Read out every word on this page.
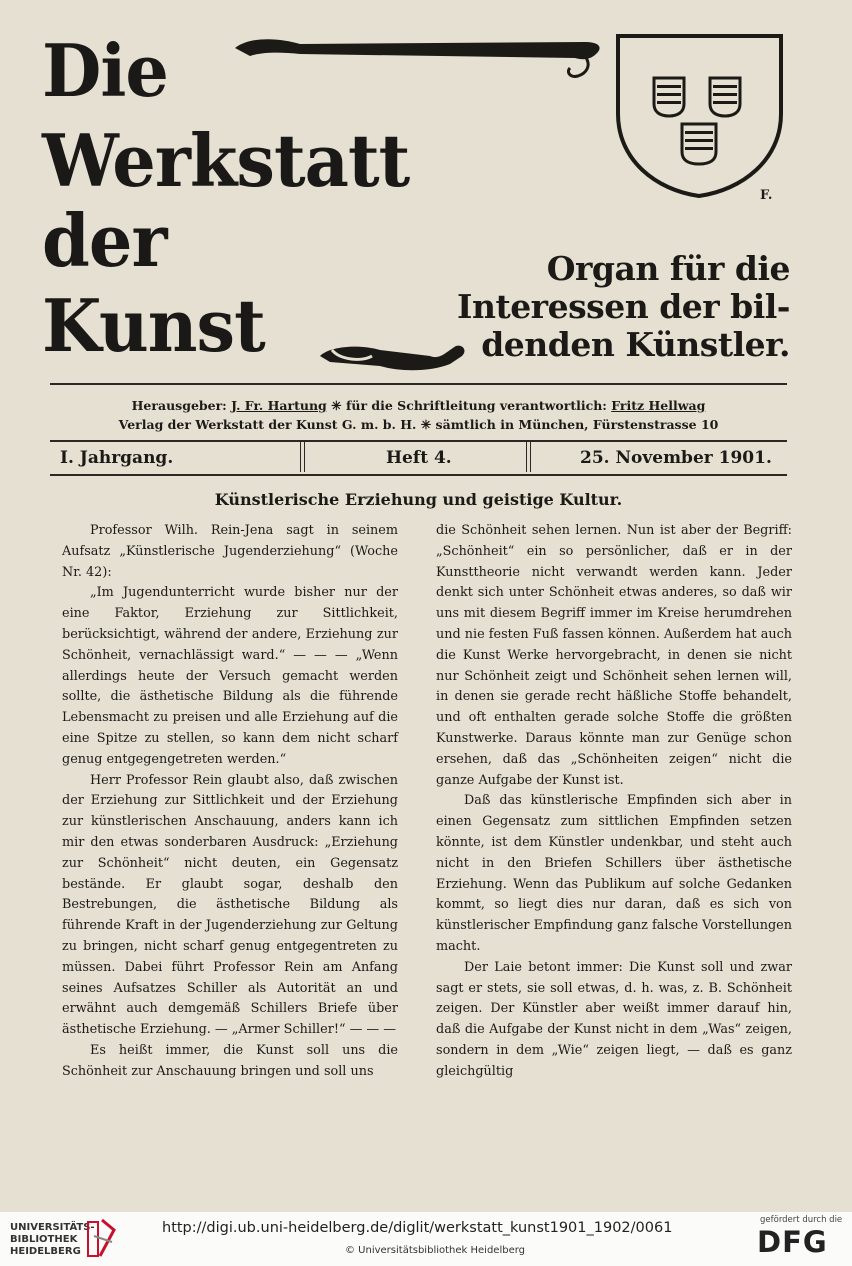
Die
Werkstatt
der
Kunst
F.
Organ für die
Interessen der bil-
denden Künstler.
Herausgeber: J. Fr. Hartung ✳ für die Schriftleitung verantwortlich: Fritz Hellwag
Verlag der Werkstatt der Kunst G. m. b. H. ✳ sämtlich in München, Fürstenstrasse 10
I. Jahrgang.	Heft 4.	25. November 1901.
Künstlerische Erziehung und geistige Kultur.

Professor Wilh. Rein-Jena sagt in seinem Aufsatz „Künstlerische Jugenderziehung“ (Woche Nr. 42):

„Im Jugendunterricht wurde bisher nur der eine Faktor, Erziehung zur Sittlichkeit, berücksichtigt, während der andere, Erziehung zur Schönheit, vernachlässigt ward.“ — — — „Wenn allerdings heute der Versuch gemacht werden sollte, die ästhetische Bildung als die führende Lebensmacht zu preisen und alle Erziehung auf die eine Spitze zu stellen, so kann dem nicht scharf genug entgegengetreten werden.“

Herr Professor Rein glaubt also, daß zwischen der Erziehung zur Sittlichkeit und der Erziehung zur künstlerischen Anschauung, anders kann ich mir den etwas sonderbaren Ausdruck: „Erziehung zur Schönheit“ nicht deuten, ein Gegensatz bestände. Er glaubt sogar, deshalb den Bestrebungen, die ästhetische Bildung als führende Kraft in der Jugenderziehung zur Geltung zu bringen, nicht scharf genug entgegentreten zu müssen. Dabei führt Professor Rein am Anfang seines Aufsatzes Schiller als Autorität an und erwähnt auch demgemäß Schillers Briefe über ästhetische Erziehung. — „Armer Schiller!“ — — —

Es heißt immer, die Kunst soll uns die Schönheit zur Anschauung bringen und soll uns

die Schönheit sehen lernen. Nun ist aber der Begriff: „Schönheit“ ein so persönlicher, daß er in der Kunsttheorie nicht verwandt werden kann. Jeder denkt sich unter Schönheit etwas anderes, so daß wir uns mit diesem Begriff immer im Kreise herumdrehen und nie festen Fuß fassen können. Außerdem hat auch die Kunst Werke hervorgebracht, in denen sie nicht nur Schönheit zeigt und Schönheit sehen lernen will, in denen sie gerade recht häßliche Stoffe behandelt, und oft enthalten gerade solche Stoffe die größten Kunstwerke. Daraus könnte man zur Genüge schon ersehen, daß das „Schönheiten zeigen“ nicht die ganze Aufgabe der Kunst ist.

Daß das künstlerische Empfinden sich aber in einen Gegensatz zum sittlichen Empfinden setzen könnte, ist dem Künstler undenkbar, und steht auch nicht in den Briefen Schillers über ästhetische Erziehung. Wenn das Publikum auf solche Gedanken kommt, so liegt dies nur daran, daß es sich von künstlerischer Empfindung ganz falsche Vorstellungen macht.

Der Laie betont immer: Die Kunst soll und zwar sagt er stets, sie soll etwas, d. h. was, z. B. Schönheit zeigen. Der Künstler aber weißt immer darauf hin, daß die Aufgabe der Kunst nicht in dem „Was“ zeigen, sondern in dem „Wie“ zeigen liegt, — daß es ganz gleichgültig

UNIVERSITÄTS-
BIBLIOTHEK
HEIDELBERG
http://digi.ub.uni-heidelberg.de/diglit/werkstatt_kunst1901_1902/0061
© Universitätsbibliothek Heidelberg
gefördert durch die
DFG
